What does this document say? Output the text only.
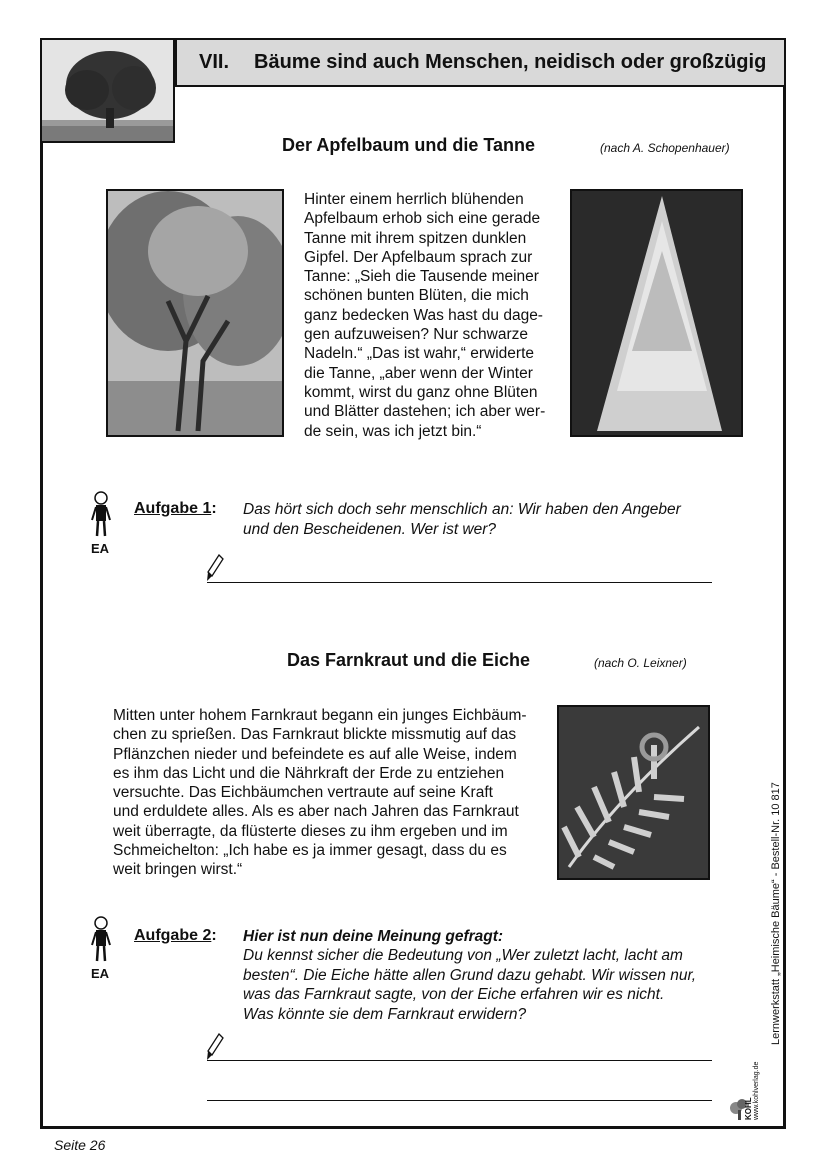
VII.	Bäume sind auch Menschen, neidisch oder großzügig
Der Apfelbaum und die Tanne	(nach A. Schopenhauer)
Hinter einem herrlich blühenden
Apfelbaum erhob sich eine gerade
Tanne mit ihrem spitzen dunklen
Gipfel. Der Apfelbaum sprach zur
Tanne: „Sieh die Tausende meiner
schönen bunten Blüten, die mich
ganz bedecken Was hast du dage-
gen aufzuweisen? Nur schwarze
Nadeln.“ „Das ist wahr,“ erwiderte
die Tanne, „aber wenn der Winter
kommt, wirst du ganz ohne Blüten
und Blätter dastehen; ich aber wer-
de sein, was ich jetzt bin.“
EA
Aufgabe 1: Das hört sich doch sehr menschlich an: Wir haben den Angeber
und den Bescheidenen. Wer ist wer?
Das Farnkraut und die Eiche	(nach O. Leixner)
Mitten unter hohem Farnkraut begann ein junges Eichbäum-
chen zu sprießen. Das Farnkraut blickte missmutig auf das
Pflänzchen nieder und befeindete es auf alle Weise, indem
es ihm das Licht und die Nährkraft der Erde zu entziehen
versuchte. Das Eichbäumchen vertraute auf seine Kraft
und erduldete alles. Als es aber nach Jahren das Farnkraut
weit überragte, da flüsterte dieses zu ihm ergeben und im
Schmeichelton: „Ich habe es ja immer gesagt, dass du es
weit bringen wirst.“
EA
Aufgabe 2: Hier ist nun deine Meinung gefragt:
Du kennst sicher die Bedeutung von „Wer zuletzt lacht, lacht am
besten“. Die Eiche hätte allen Grund dazu gehabt. Wir wissen nur,
was das Farnkraut sagte, von der Eiche erfahren wir es nicht.
Was könnte sie dem Farnkraut erwidern?	Lernwerkstatt „Heimische Bäume“ - Bestell-Nr. 10 817
KOHL www.kohlverlag.de
Seite 26
